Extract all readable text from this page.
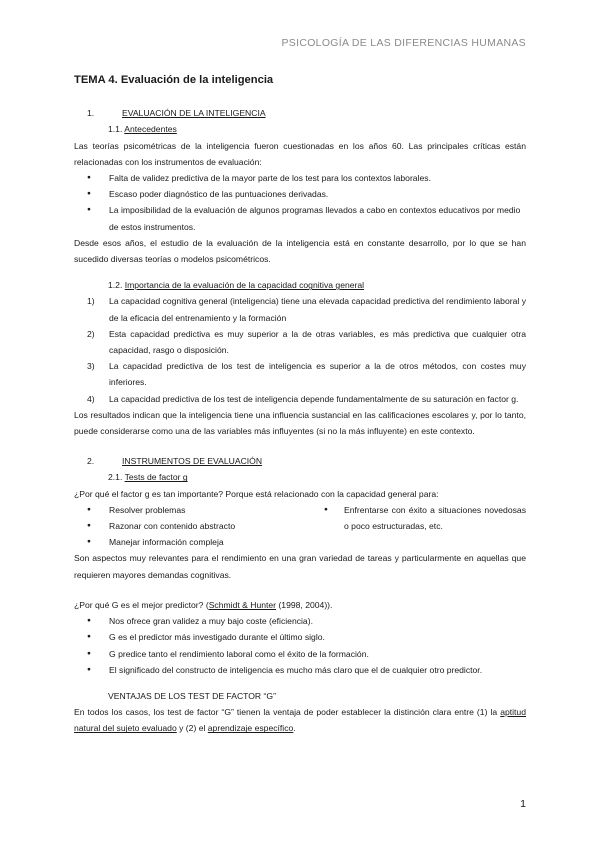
PSICOLOGÍA DE LAS DIFERENCIAS HUMANAS
TEMA 4. Evaluación de la inteligencia
1.	EVALUACIÓN DE LA INTELIGENCIA
1.1. Antecedentes
Las teorías psicométricas de la inteligencia fueron cuestionadas en los años 60. Las principales críticas están relacionadas con los instrumentos de evaluación:
● Falta de validez predictiva de la mayor parte de los test para los contextos laborales.
● Escaso poder diagnóstico de las puntuaciones derivadas.
● La imposibilidad de la evaluación de algunos programas llevados a cabo en contextos educativos por medio de estos instrumentos.
Desde esos años, el estudio de la evaluación de la inteligencia está en constante desarrollo, por lo que se han sucedido diversas teorías o modelos psicométricos.
1.2. Importancia de la evaluación de la capacidad cognitiva general
1) La capacidad cognitiva general (inteligencia) tiene una elevada capacidad predictiva del rendimiento laboral y de la eficacia del entrenamiento y la formación
2) Esta capacidad predictiva es muy superior a la de otras variables, es más predictiva que cualquier otra capacidad, rasgo o disposición.
3) La capacidad predictiva de los test de inteligencia es superior a la de otros métodos, con costes muy inferiores.
4) La capacidad predictiva de los test de inteligencia depende fundamentalmente de su saturación en factor g.
Los resultados indican que la inteligencia tiene una influencia sustancial en las calificaciones escolares y, por lo tanto, puede considerarse como una de las variables más influyentes (si no la más influyente) en este contexto.
2.	INSTRUMENTOS DE EVALUACIÓN
2.1. Tests de factor g
¿Por qué el factor g es tan importante? Porque está relacionado con la capacidad general para:
● Resolver problemas
● Razonar con contenido abstracto
● Manejar información compleja
● Enfrentarse con éxito a situaciones novedosas o poco estructuradas, etc.
Son aspectos muy relevantes para el rendimiento en una gran variedad de tareas y particularmente en aquellas que requieren mayores demandas cognitivas.
¿Por qué G es el mejor predictor? (Schmidt & Hunter (1998, 2004)).
● Nos ofrece gran validez a muy bajo coste (eficiencia).
● G es el predictor más investigado durante el último siglo.
● G predice tanto el rendimiento laboral como el éxito de la formación.
● El significado del constructo de inteligencia es mucho más claro que el de cualquier otro predictor.
VENTAJAS DE LOS TEST DE FACTOR “G”
En todos los casos, los test de factor “G” tienen la ventaja de poder establecer la distinción clara entre (1) la aptitud natural del sujeto evaluado y (2) el aprendizaje específico.
1
